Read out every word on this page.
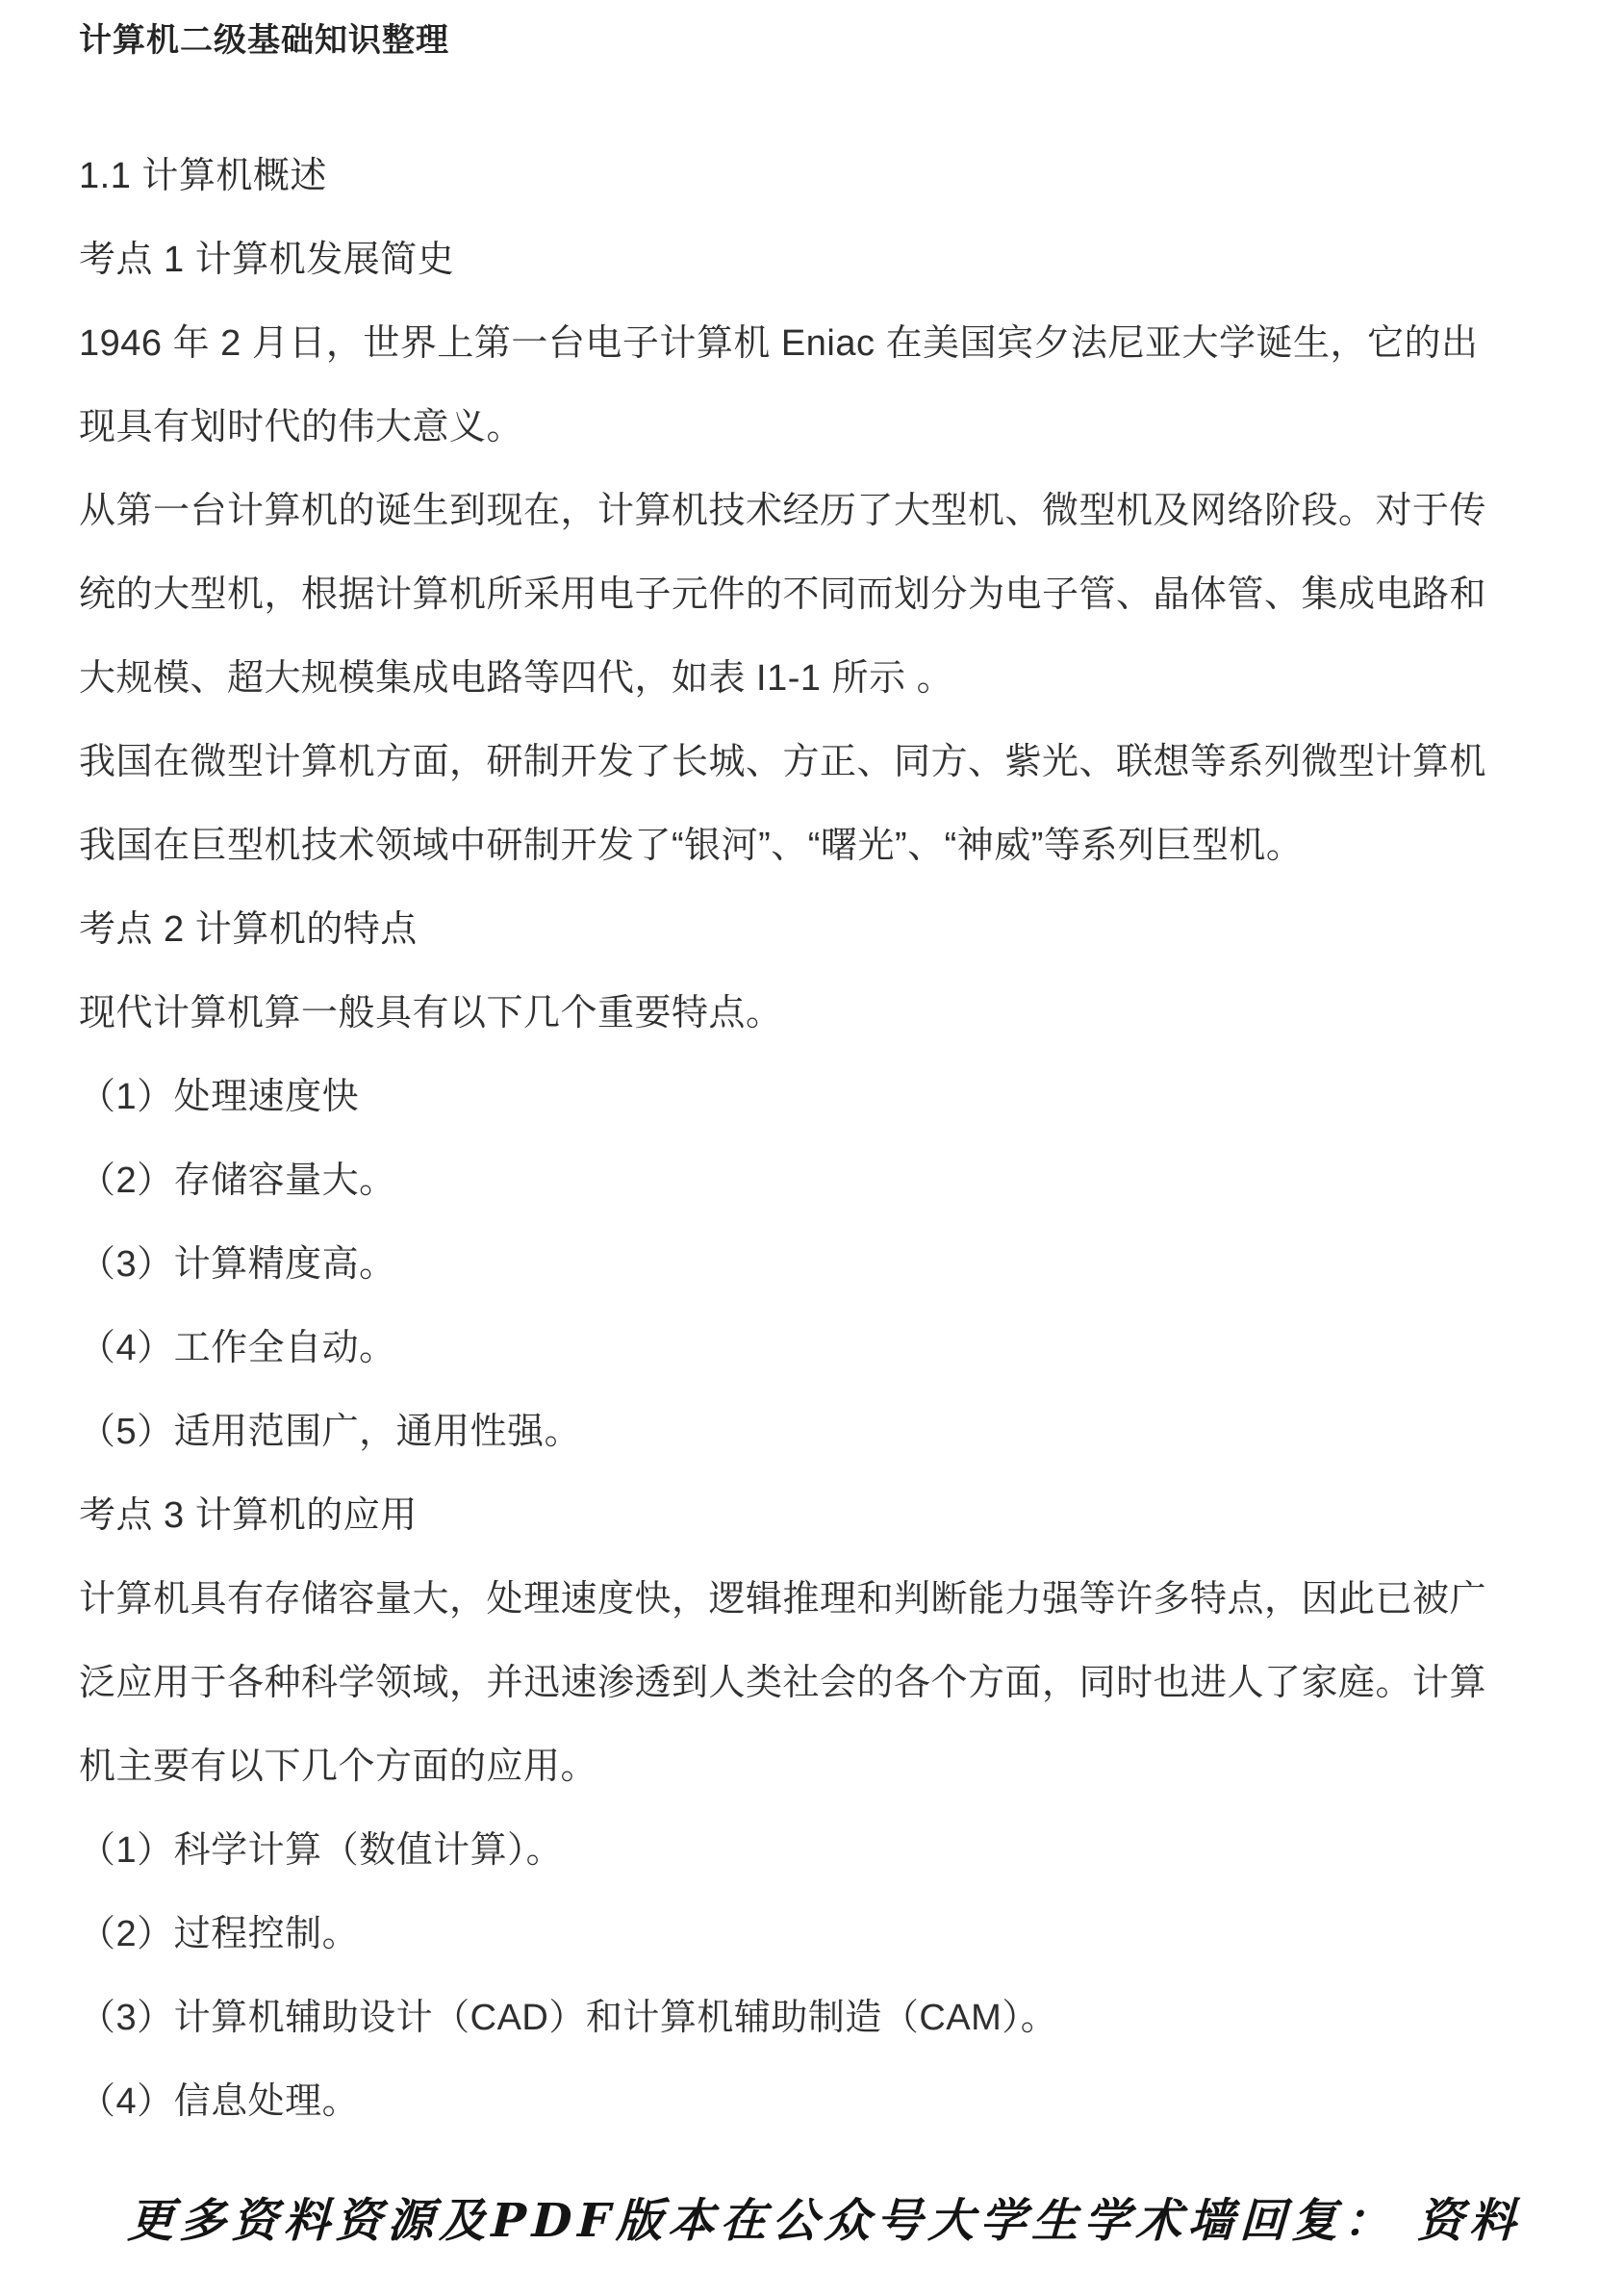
计算机二级基础知识整理
1.1 计算机概述
考点 1 计算机发展简史
1946 年 2 月日，世界上第一台电子计算机 Eniac 在美国宾夕法尼亚大学诞生，它的出
现具有划时代的伟大意义。
从第一台计算机的诞生到现在，计算机技术经历了大型机、微型机及网络阶段。对于传
统的大型机，根据计算机所采用电子元件的不同而划分为电子管、晶体管、集成电路和
大规模、超大规模集成电路等四代，如表 I1-1 所示 。
我国在微型计算机方面，研制开发了长城、方正、同方、紫光、联想等系列微型计算机
我国在巨型机技术领域中研制开发了“银河”、“曙光”、“神威”等系列巨型机。
考点 2 计算机的特点
现代计算机算一般具有以下几个重要特点。
（1）处理速度快
（2）存储容量大。
（3）计算精度高。
（4）工作全自动。
（5）适用范围广，通用性强。
考点 3 计算机的应用
计算机具有存储容量大，处理速度快，逻辑推理和判断能力强等许多特点，因此已被广
泛应用于各种科学领域，并迅速渗透到人类社会的各个方面，同时也进人了家庭。计算
机主要有以下几个方面的应用。
（1）科学计算（数值计算）。
（2）过程控制。
（3）计算机辅助设计（CAD）和计算机辅助制造（CAM）。
（4）信息处理。
更多资料资源及PDF版本在公众号大学生学术墙回复： 资料
